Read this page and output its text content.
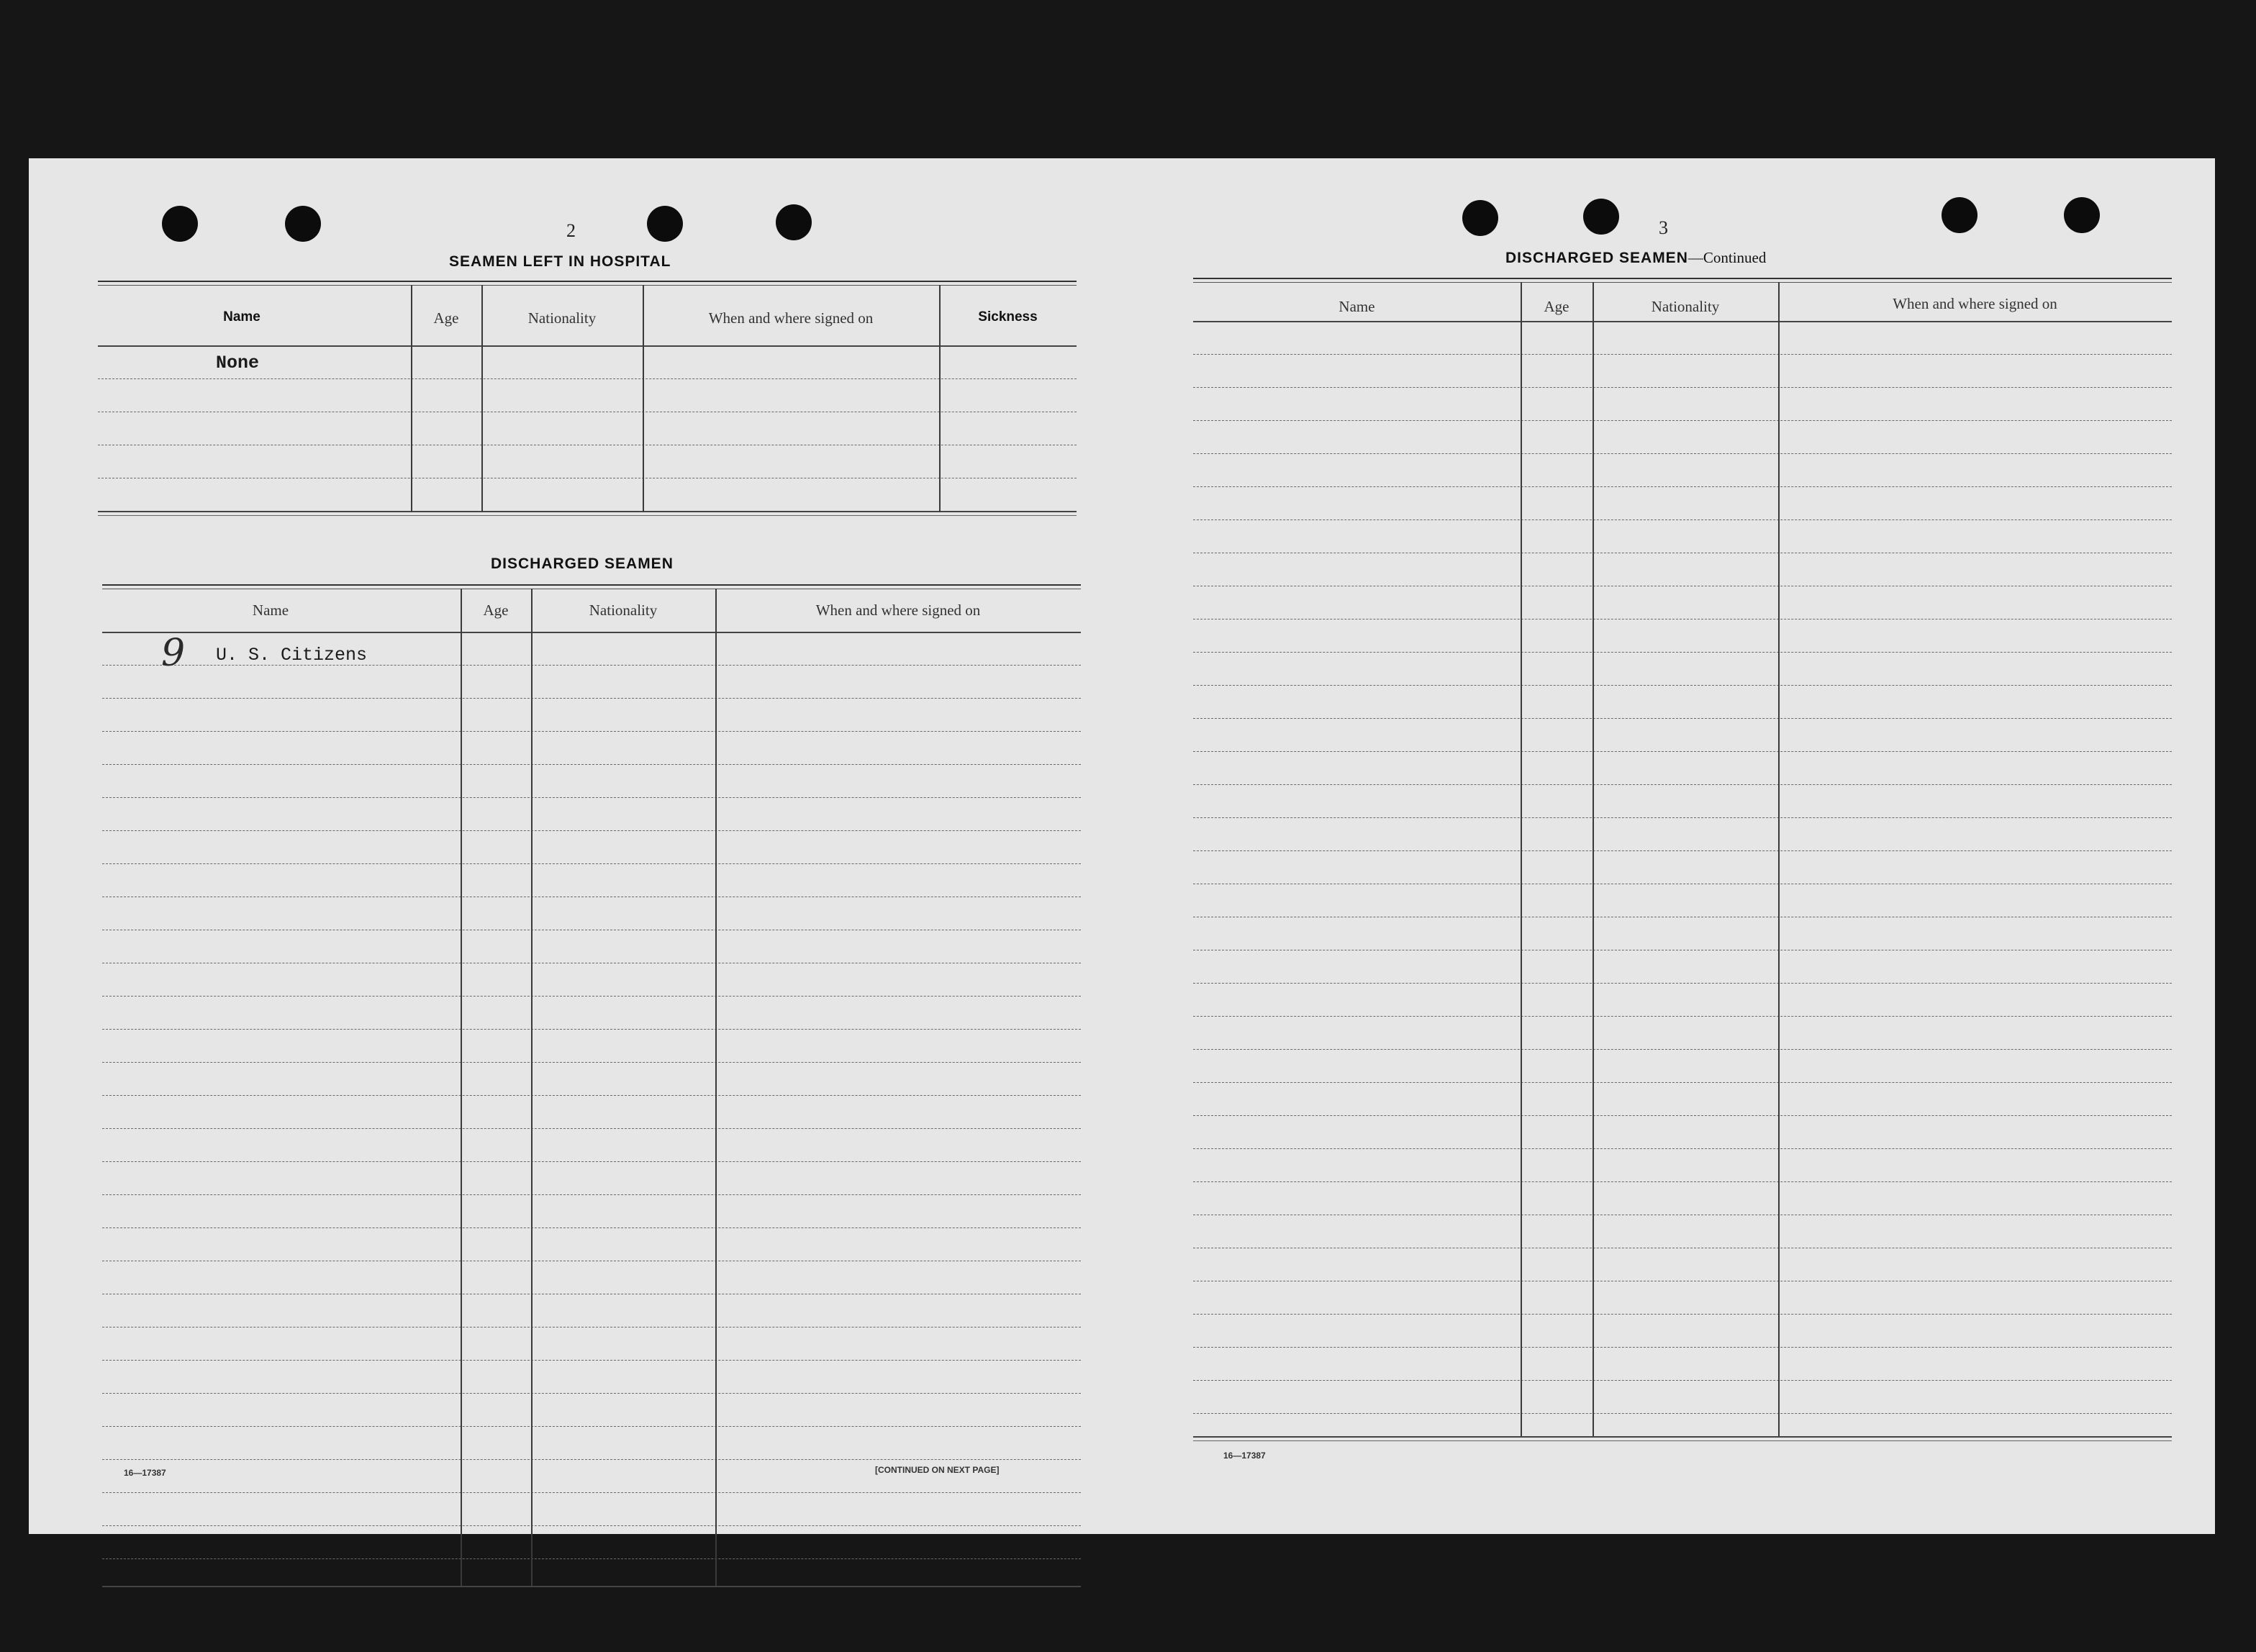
2
SEAMEN LEFT IN HOSPITAL
Name	Age	Nationality	When and where signed on	Sickness
None
DISCHARGED SEAMEN
Name	Age	Nationality	When and where signed on
9 U. S. Citizens
16—17387	[CONTINUED ON NEXT PAGE]
3
DISCHARGED SEAMEN—Continued
Name	Age	Nationality	When and where signed on
16—17387
